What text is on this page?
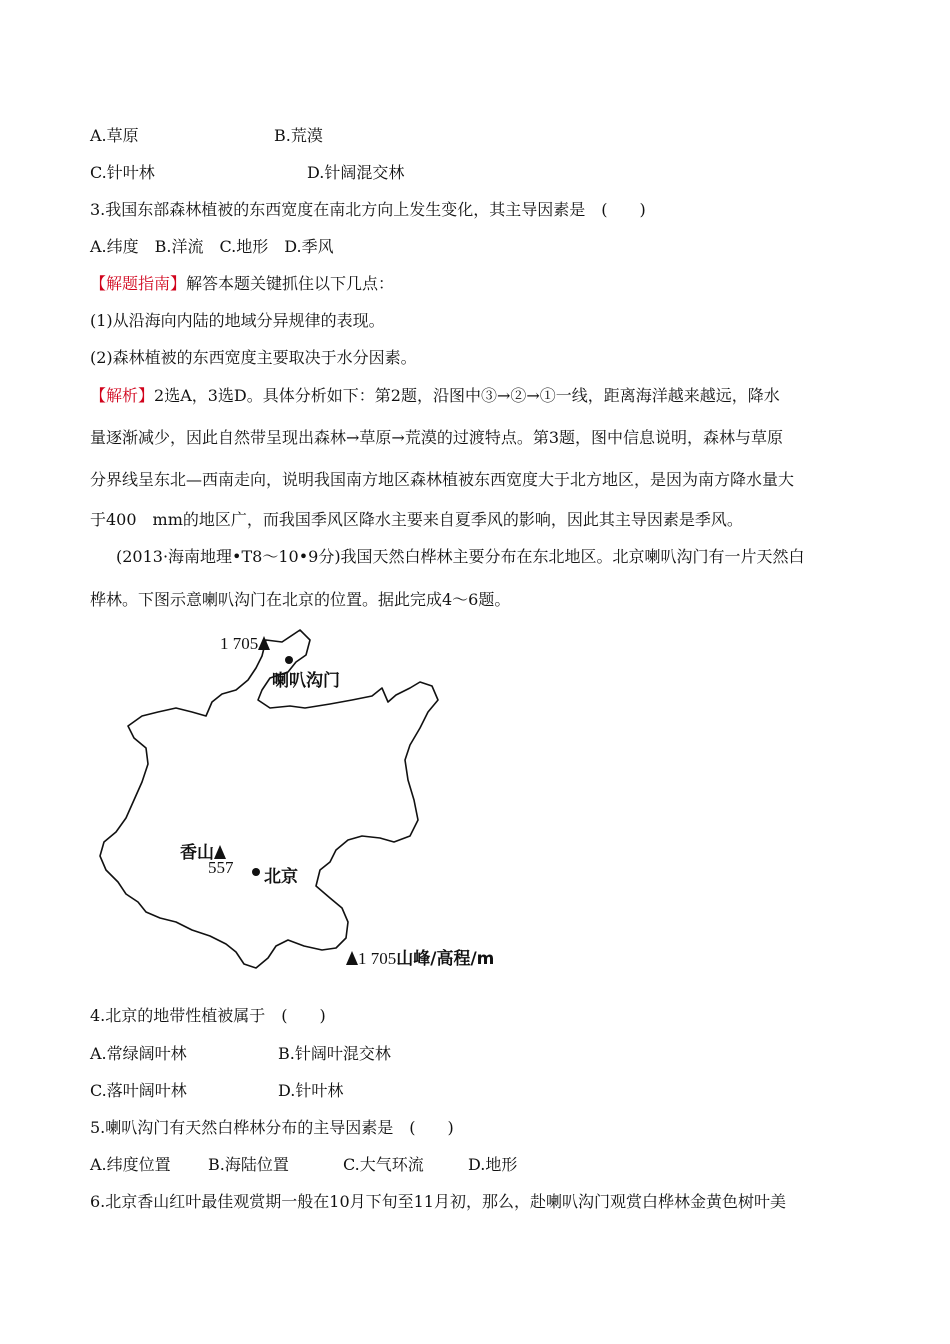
A.草原	B.荒漠
C.针叶林	D.针阔混交林
3.我国东部森林植被的东西宽度在南北方向上发生变化，其主导因素是　(　　)
A.纬度　B.洋流　C.地形　D.季风
【解题指南】解答本题关键抓住以下几点：
(1)从沿海向内陆的地域分异规律的表现。
(2)森林植被的东西宽度主要取决于水分因素。
【解析】2选A，3选D。具体分析如下：第2题，沿图中③→②→①一线，距离海洋越来越远，降水
量逐渐减少，因此自然带呈现出森林→草原→荒漠的过渡特点。第3题，图中信息说明，森林与草原
分界线呈东北—西南走向，说明我国南方地区森林植被东西宽度大于北方地区，是因为南方降水量大
于400　mm的地区广，而我国季风区降水主要来自夏季风的影响，因此其主导因素是季风。
(2013·海南地理•T8～10•9分)我国天然白桦林主要分布在东北地区。北京喇叭沟门有一片天然白
桦林。下图示意喇叭沟门在北京的位置。据此完成4～6题。
1 705
喇叭沟门
香山
557 北京
1 705山峰/高程/m
4.北京的地带性植被属于　(　　)
A.常绿阔叶林	B.针阔叶混交林
C.落叶阔叶林	D.针叶林
5.喇叭沟门有天然白桦林分布的主导因素是　(　　)
A.纬度位置 B.海陆位置	C.大气环流	D.地形
6.北京香山红叶最佳观赏期一般在10月下旬至11月初，那么，赴喇叭沟门观赏白桦林金黄色树叶美
